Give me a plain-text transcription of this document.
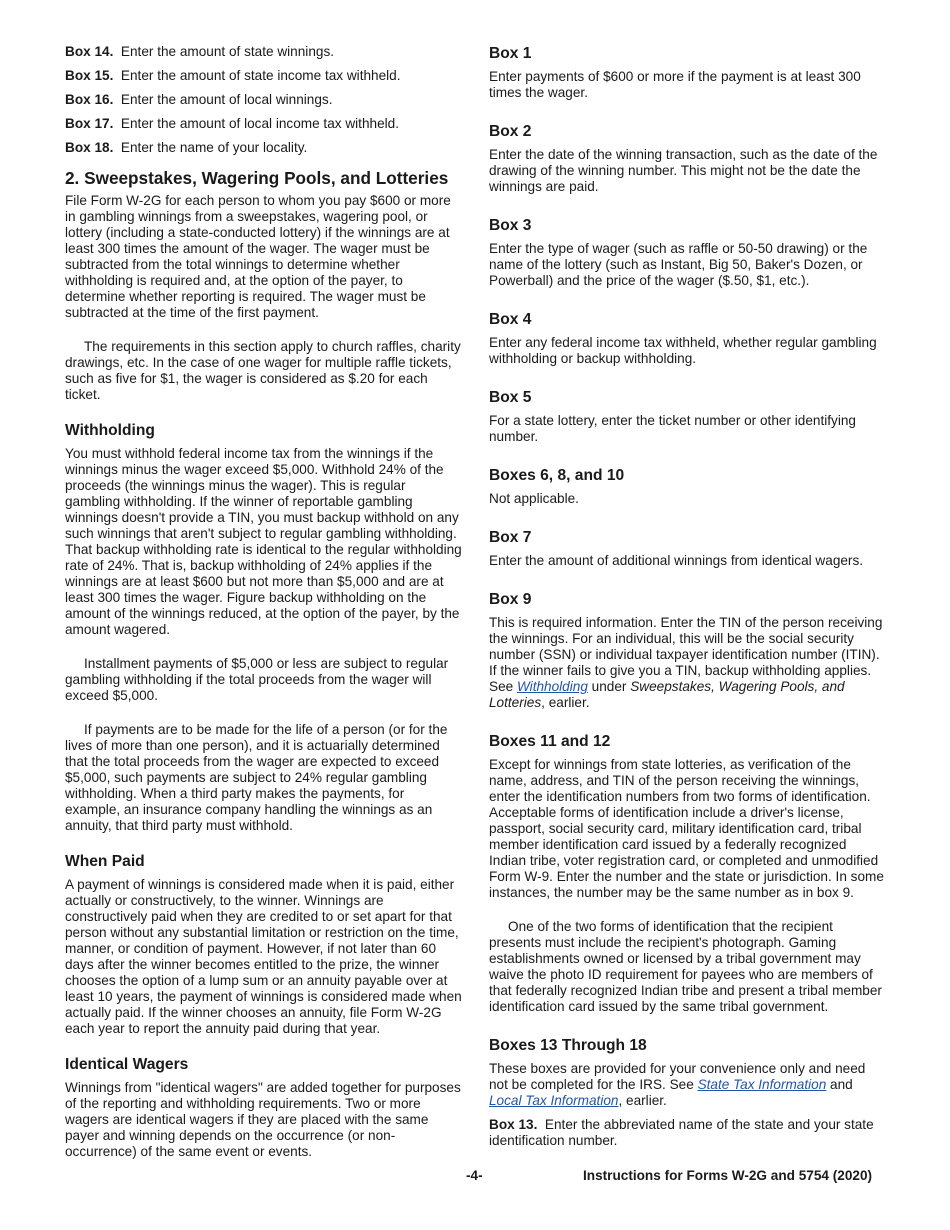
Box 14. Enter the amount of state winnings.

Box 15. Enter the amount of state income tax withheld.

Box 16. Enter the amount of local winnings.

Box 17. Enter the amount of local income tax withheld.

Box 18. Enter the name of your locality.

2. Sweepstakes, Wagering Pools, and Lotteries

File Form W-2G for each person to whom you pay $600 or more in gambling winnings from a sweepstakes, wagering pool, or lottery (including a state-conducted lottery) if the winnings are at least 300 times the amount of the wager. The wager must be subtracted from the total winnings to determine whether withholding is required and, at the option of the payer, to determine whether reporting is required. The wager must be subtracted at the time of the first payment.

The requirements in this section apply to church raffles, charity drawings, etc. In the case of one wager for multiple raffle tickets, such as five for $1, the wager is considered as $.20 for each ticket.

Withholding

You must withhold federal income tax from the winnings if the winnings minus the wager exceed $5,000. Withhold 24% of the proceeds (the winnings minus the wager). This is regular gambling withholding. If the winner of reportable gambling winnings doesn't provide a TIN, you must backup withhold on any such winnings that aren't subject to regular gambling withholding. That backup withholding rate is identical to the regular withholding rate of 24%. That is, backup withholding of 24% applies if the winnings are at least $600 but not more than $5,000 and are at least 300 times the wager. Figure backup withholding on the amount of the winnings reduced, at the option of the payer, by the amount wagered.

Installment payments of $5,000 or less are subject to regular gambling withholding if the total proceeds from the wager will exceed $5,000.

If payments are to be made for the life of a person (or for the lives of more than one person), and it is actuarially determined that the total proceeds from the wager are expected to exceed $5,000, such payments are subject to 24% regular gambling withholding. When a third party makes the payments, for example, an insurance company handling the winnings as an annuity, that third party must withhold.

When Paid

A payment of winnings is considered made when it is paid, either actually or constructively, to the winner. Winnings are constructively paid when they are credited to or set apart for that person without any substantial limitation or restriction on the time, manner, or condition of payment. However, if not later than 60 days after the winner becomes entitled to the prize, the winner chooses the option of a lump sum or an annuity payable over at least 10 years, the payment of winnings is considered made when actually paid. If the winner chooses an annuity, file Form W-2G each year to report the annuity paid during that year.

Identical Wagers

Winnings from "identical wagers" are added together for purposes of the reporting and withholding requirements. Two or more wagers are identical wagers if they are placed with the same payer and winning depends on the occurrence (or non-occurrence) of the same event or events.

Box 1

Enter payments of $600 or more if the payment is at least 300 times the wager.

Box 2

Enter the date of the winning transaction, such as the date of the drawing of the winning number. This might not be the date the winnings are paid.

Box 3

Enter the type of wager (such as raffle or 50-50 drawing) or the name of the lottery (such as Instant, Big 50, Baker's Dozen, or Powerball) and the price of the wager ($.50, $1, etc.).

Box 4

Enter any federal income tax withheld, whether regular gambling withholding or backup withholding.

Box 5

For a state lottery, enter the ticket number or other identifying number.

Boxes 6, 8, and 10

Not applicable.

Box 7

Enter the amount of additional winnings from identical wagers.

Box 9

This is required information. Enter the TIN of the person receiving the winnings. For an individual, this will be the social security number (SSN) or individual taxpayer identification number (ITIN). If the winner fails to give you a TIN, backup withholding applies. See Withholding under Sweepstakes, Wagering Pools, and Lotteries, earlier.

Boxes 11 and 12

Except for winnings from state lotteries, as verification of the name, address, and TIN of the person receiving the winnings, enter the identification numbers from two forms of identification. Acceptable forms of identification include a driver's license, passport, social security card, military identification card, tribal member identification card issued by a federally recognized Indian tribe, voter registration card, or completed and unmodified Form W-9. Enter the number and the state or jurisdiction. In some instances, the number may be the same number as in box 9.

One of the two forms of identification that the recipient presents must include the recipient's photograph. Gaming establishments owned or licensed by a tribal government may waive the photo ID requirement for payees who are members of that federally recognized Indian tribe and present a tribal member identification card issued by the same tribal government.

Boxes 13 Through 18

These boxes are provided for your convenience only and need not be completed for the IRS. See State Tax Information and Local Tax Information, earlier.

Box 13. Enter the abbreviated name of the state and your state identification number.

-4-	Instructions for Forms W-2G and 5754 (2020)
